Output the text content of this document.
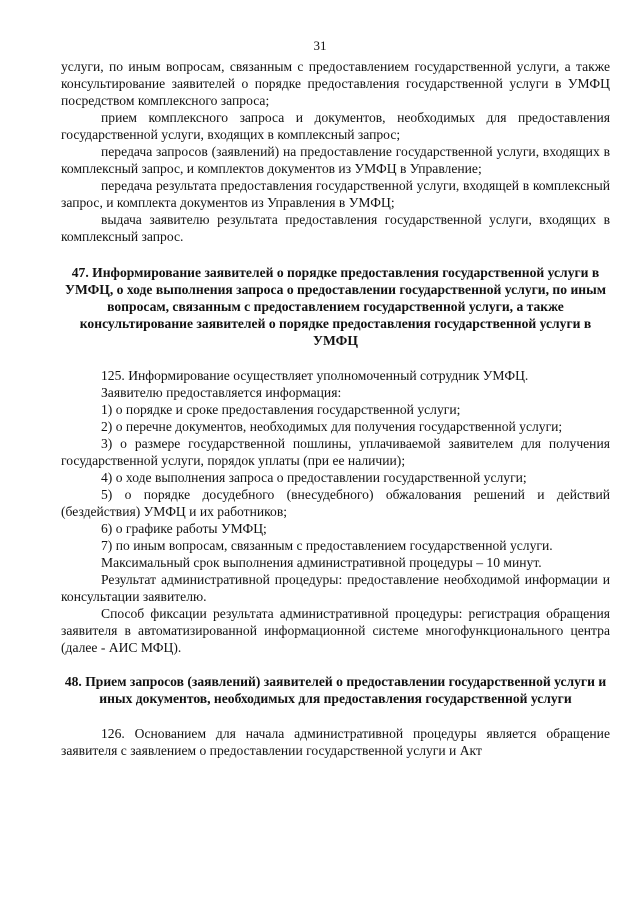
31

услуги, по иным вопросам, связанным с предоставлением государственной услуги, а также консультирование заявителей о порядке предоставления государственной услуги в УМФЦ посредством комплексного запроса;

прием комплексного запроса и документов, необходимых для предоставления государственной услуги, входящих в комплексный запрос;

передача запросов (заявлений) на предоставление государственной услуги, входящих в комплексный запрос, и комплектов документов из УМФЦ в Управление;

передача результата предоставления государственной услуги, входящей в комплексный запрос, и комплекта документов из Управления в УМФЦ;

выдача заявителю результата предоставления государственной услуги, входящих в комплексный запрос.

47. Информирование заявителей о порядке предоставления государственной услуги в УМФЦ, о ходе выполнения запроса о предоставлении государственной услуги, по иным вопросам, связанным с предоставлением государственной услуги, а также консультирование заявителей о порядке предоставления государственной услуги в УМФЦ

125. Информирование осуществляет уполномоченный сотрудник УМФЦ.

Заявителю предоставляется информация:

1) о порядке и сроке предоставления государственной услуги;

2) о перечне документов, необходимых для получения государственной услуги;

3) о размере государственной пошлины, уплачиваемой заявителем для получения государственной услуги, порядок уплаты (при ее наличии);

4) о ходе выполнения запроса о предоставлении государственной услуги;

5) о порядке досудебного (внесудебного) обжалования решений и действий (бездействия) УМФЦ и их работников;

6) о графике работы УМФЦ;

7) по иным вопросам, связанным с предоставлением государственной услуги.

Максимальный срок выполнения административной процедуры – 10 минут.

Результат административной процедуры: предоставление необходимой информации и консультации заявителю.

Способ фиксации результата административной процедуры: регистрация обращения заявителя в автоматизированной информационной системе многофункционального центра (далее - АИС МФЦ).

48. Прием запросов (заявлений) заявителей о предоставлении государственной услуги и иных документов, необходимых для предоставления государственной услуги

126. Основанием для начала административной процедуры является обращение заявителя с заявлением о предоставлении государственной услуги и Акт
